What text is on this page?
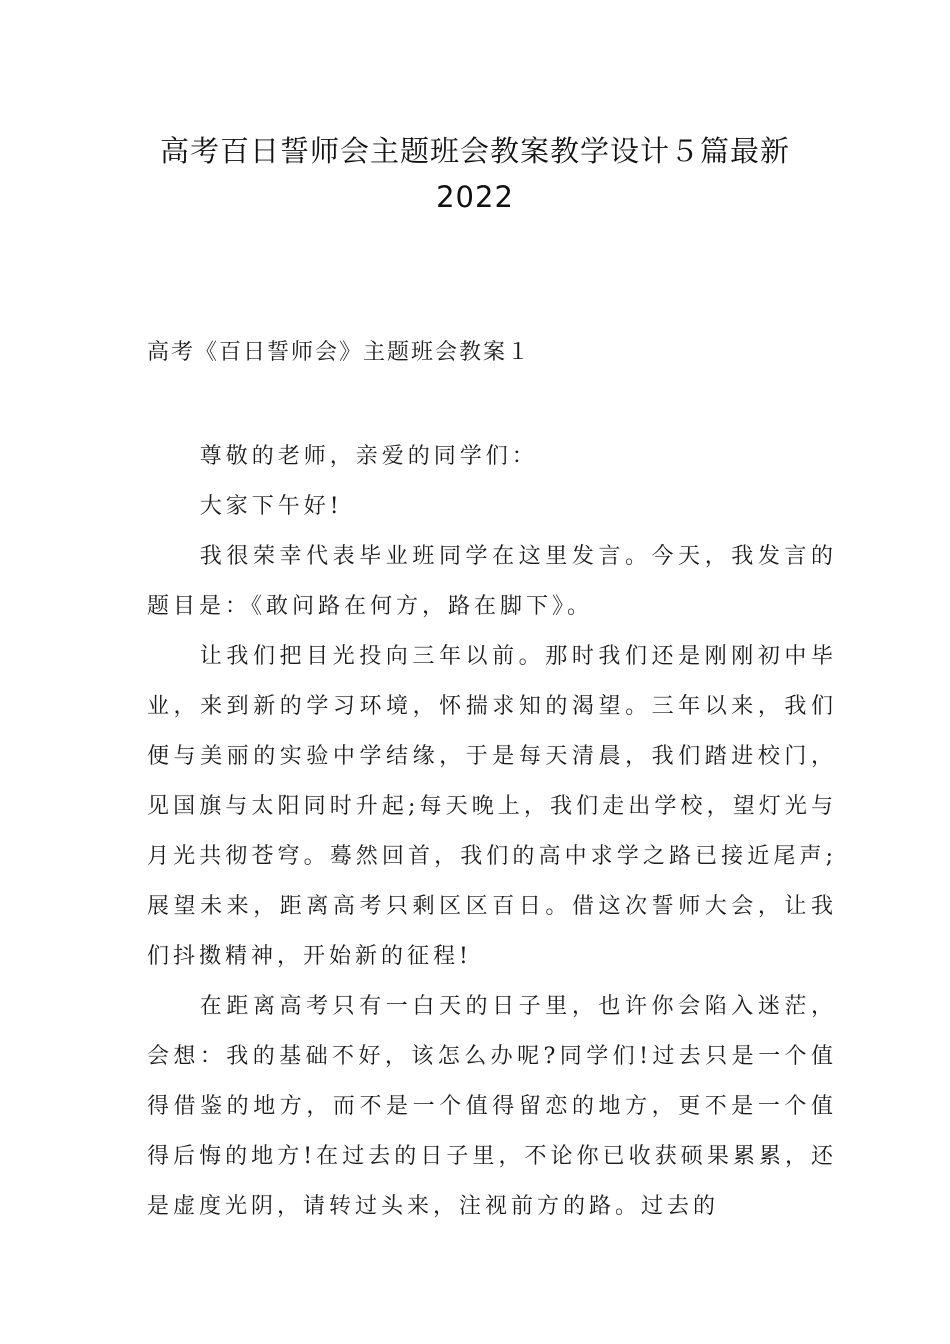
高考百日誓师会主题班会教案教学设计５篇最新
2022
高考《百日誓师会》主题班会教案１

尊敬的老师，亲爱的同学们：

大家下午好!

我很荣幸代表毕业班同学在这里发言。今天，我发言的题目是：《敢问路在何方，路在脚下》。

让我们把目光投向三年以前。那时我们还是刚刚初中毕业，来到新的学习环境，怀揣求知的渴望。三年以来，我们便与美丽的实验中学结缘，于是每天清晨，我们踏进校门，见国旗与太阳同时升起;每天晚上，我们走出学校，望灯光与月光共彻苍穹。蓦然回首，我们的高中求学之路已接近尾声;展望未来，距离高考只剩区区百日。借这次誓师大会，让我们抖擞精神，开始新的征程!

在距离高考只有一白天的日子里，也许你会陷入迷茫，会想：我的基础不好，该怎么办呢?同学们!过去只是一个值得借鉴的地方，而不是一个值得留恋的地方，更不是一个值得后悔的地方!在过去的日子里，不论你已收获硕果累累，还是虚度光阴，请转过头来，注视前方的路。过去的
